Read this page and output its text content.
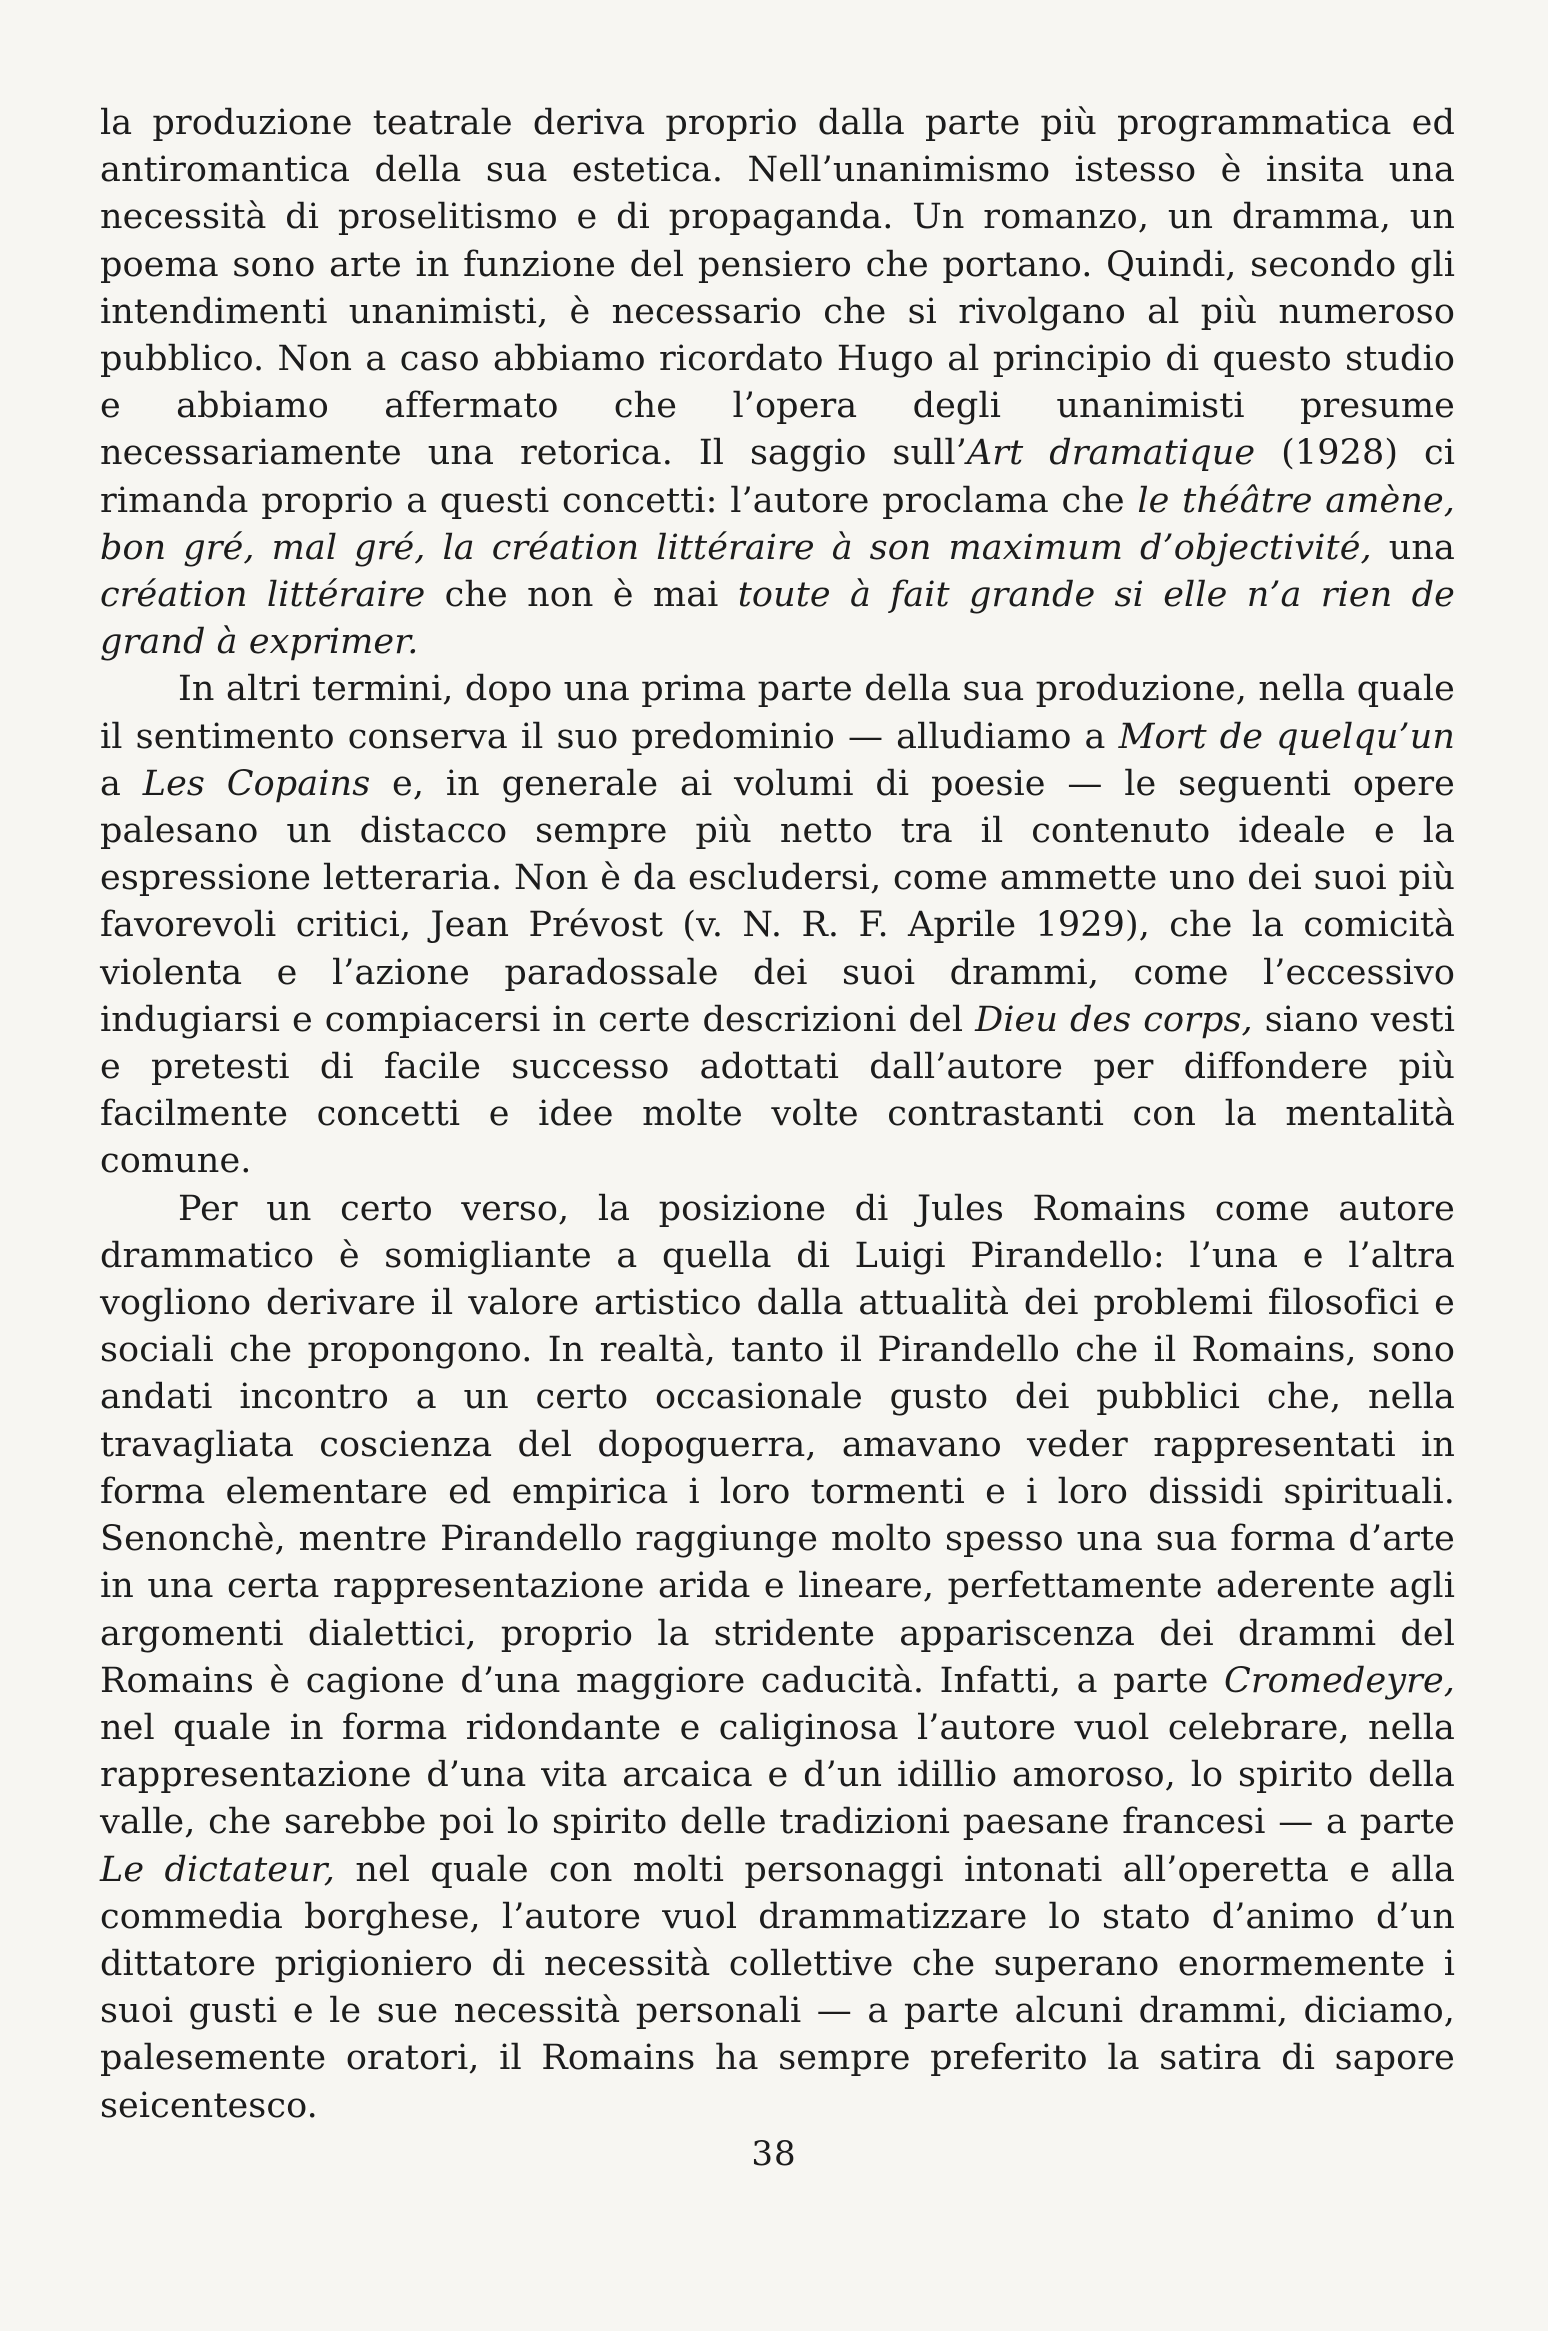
la produzione teatrale deriva proprio dalla parte più programmatica ed antiromantica della sua estetica. Nell’unanimismo istesso è insita una necessità di proselitismo e di propaganda. Un romanzo, un dramma, un poema sono arte in funzione del pensiero che portano. Quindi, secondo gli intendimenti unanimisti, è necessario che si rivolgano al più numeroso pubblico. Non a caso abbiamo ricordato Hugo al principio di questo studio e abbiamo affermato che l’opera degli unanimisti presume necessariamente una retorica. Il saggio sull’Art dramatique (1928) ci rimanda proprio a questi concetti: l’autore proclama che le théâtre amène, bon gré, mal gré, la création littéraire à son maximum d’objectivité, una création littéraire che non è mai toute à fait grande si elle n’a rien de grand à exprimer.

In altri termini, dopo una prima parte della sua produzione, nella quale il sentimento conserva il suo predominio — alludiamo a Mort de quelqu’un a Les Copains e, in generale ai volumi di poesie — le seguenti opere palesano un distacco sempre più netto tra il contenuto ideale e la espressione letteraria. Non è da escludersi, come ammette uno dei suoi più favorevoli critici, Jean Prévost (v. N. R. F. Aprile 1929), che la comicità violenta e l’azione paradossale dei suoi drammi, come l’eccessivo indugiarsi e compiacersi in certe descrizioni del Dieu des corps, siano vesti e pretesti di facile successo adottati dall’autore per diffondere più facilmente concetti e idee molte volte contrastanti con la mentalità comune.

Per un certo verso, la posizione di Jules Romains come autore drammatico è somigliante a quella di Luigi Pirandello: l’una e l’altra vogliono derivare il valore artistico dalla attualità dei problemi filosofici e sociali che propongono. In realtà, tanto il Pirandello che il Romains, sono andati incontro a un certo occasionale gusto dei pubblici che, nella travagliata coscienza del dopoguerra, amavano veder rappresentati in forma elementare ed empirica i loro tormenti e i loro dissidi spirituali. Senonchè, mentre Pirandello raggiunge molto spesso una sua forma d’arte in una certa rappresentazione arida e lineare, perfettamente aderente agli argomenti dialettici, proprio la stridente appariscenza dei drammi del Romains è cagione d’una maggiore caducità. Infatti, a parte Cromedeyre, nel quale in forma ridondante e caliginosa l’autore vuol celebrare, nella rappresentazione d’una vita arcaica e d’un idillio amoroso, lo spirito della valle, che sarebbe poi lo spirito delle tradizioni paesane francesi — a parte Le dictateur, nel quale con molti personaggi intonati all’operetta e alla commedia borghese, l’autore vuol drammatizzare lo stato d’animo d’un dittatore prigioniero di necessità collettive che superano enormemente i suoi gusti e le sue necessità personali — a parte alcuni drammi, diciamo, palesemente oratori, il Romains ha sempre preferito la satira di sapore seicentesco.

38
